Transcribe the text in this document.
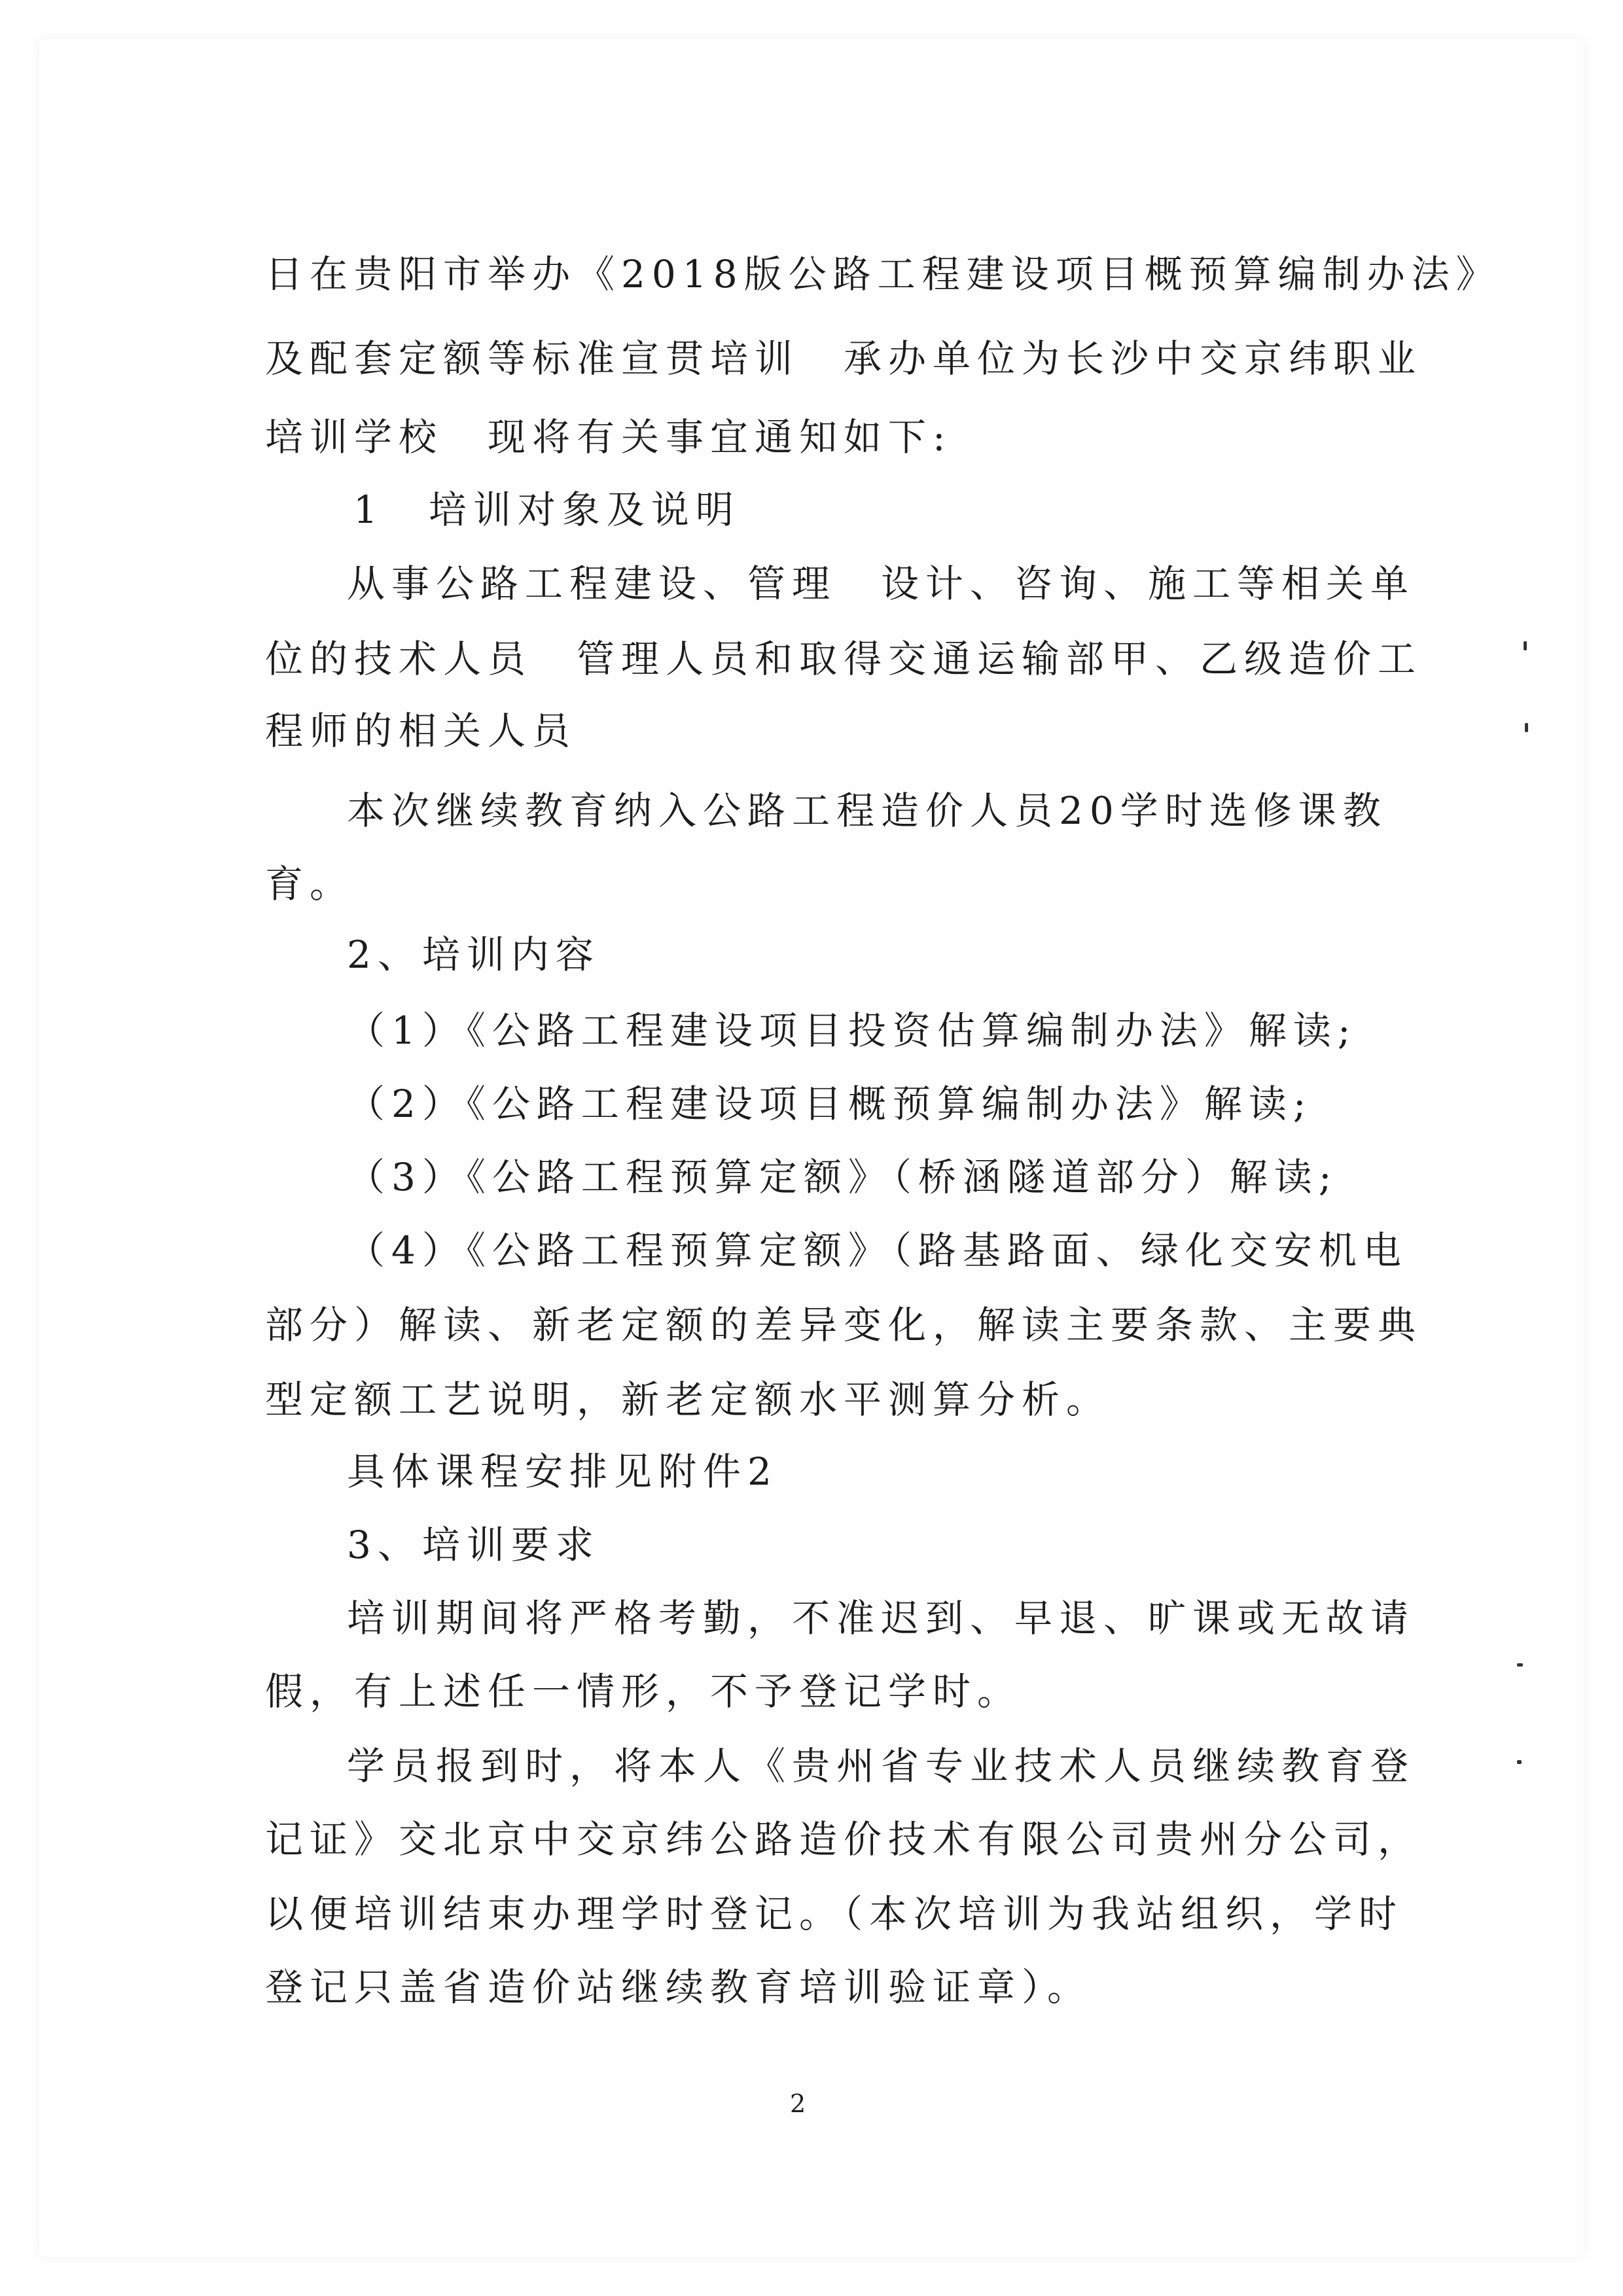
日在贵阳市举办《2018版公路工程建设项目概预算编制办法》
及配套定额等标准宣贯培训　承办单位为长沙中交京纬职业
培训学校　现将有关事宜通知如下:
1　培训对象及说明
从事公路工程建设、管理　设计、咨询、施工等相关单
位的技术人员　管理人员和取得交通运输部甲、乙级造价工
程师的相关人员
本次继续教育纳入公路工程造价人员20学时选修课教
育。
2、培训内容
（1）《公路工程建设项目投资估算编制办法》解读;
（2）《公路工程建设项目概预算编制办法》解读;
（3）《公路工程预算定额》（桥涵隧道部分）解读;
（4）《公路工程预算定额》（路基路面、绿化交安机电
部分）解读、新老定额的差异变化，解读主要条款、主要典
型定额工艺说明，新老定额水平测算分析。
具体课程安排见附件2
3、培训要求
培训期间将严格考勤，不准迟到、早退、旷课或无故请
假，有上述任一情形，不予登记学时。
学员报到时，将本人《贵州省专业技术人员继续教育登
记证》交北京中交京纬公路造价技术有限公司贵州分公司，
以便培训结束办理学时登记。（本次培训为我站组织，学时
登记只盖省造价站继续教育培训验证章）。
2
